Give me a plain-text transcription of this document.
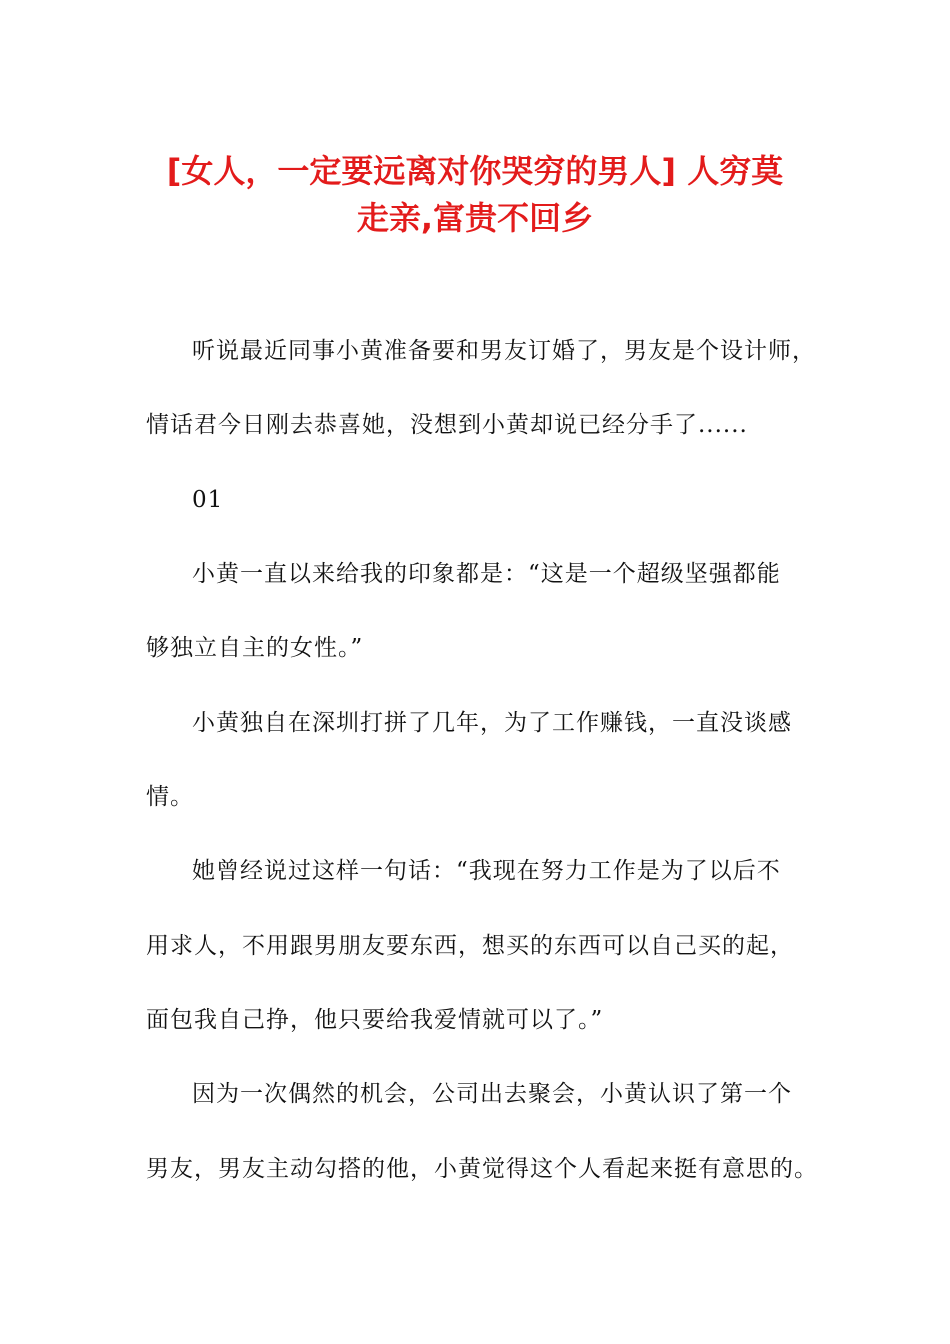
[女人，一定要远离对你哭穷的男人] 人穷莫
走亲,富贵不回乡
听说最近同事小黄准备要和男友订婚了，男友是个设计师，
情话君今日刚去恭喜她，没想到小黄却说已经分手了......
01
小黄一直以来给我的印象都是：“这是一个超级坚强都能
够独立自主的女性。”
小黄独自在深圳打拼了几年，为了工作赚钱，一直没谈感
情。
她曾经说过这样一句话：“我现在努力工作是为了以后不
用求人，不用跟男朋友要东西，想买的东西可以自己买的起，
面包我自己挣，他只要给我爱情就可以了。”
因为一次偶然的机会，公司出去聚会，小黄认识了第一个
男友，男友主动勾搭的他，小黄觉得这个人看起来挺有意思的。
